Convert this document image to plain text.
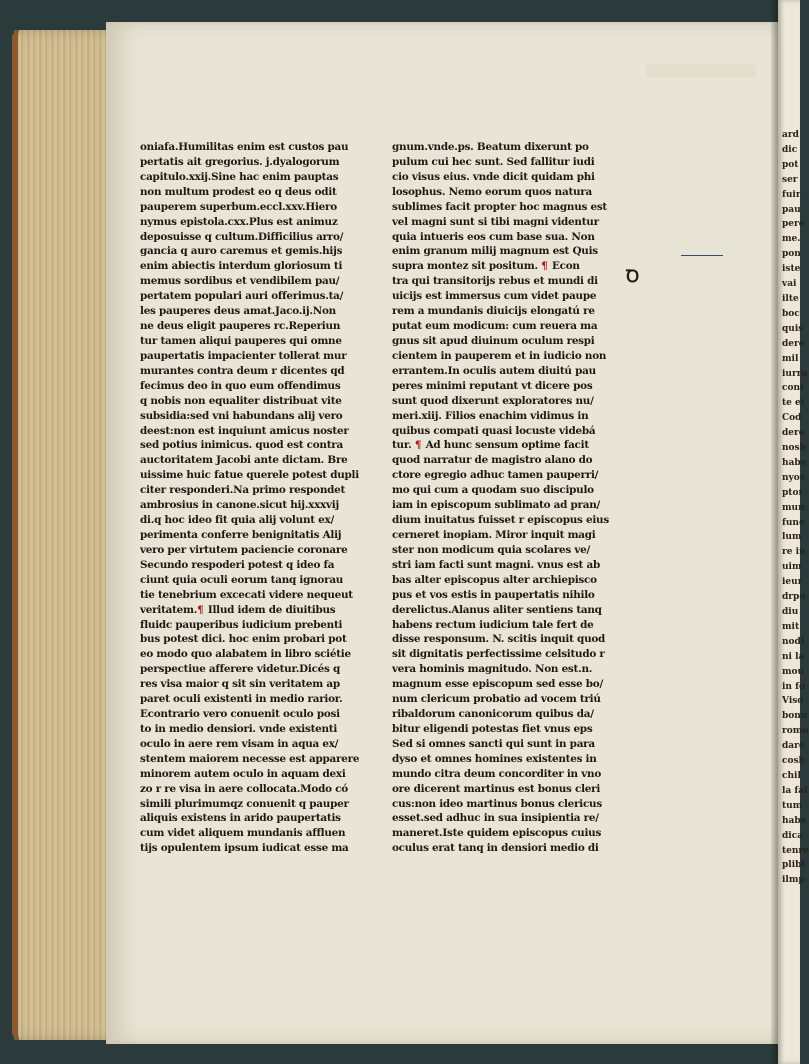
oniafa.Humilitas enim est custos pau
pertatis ait gregorius. j.dyalogorum
capitulo.xxij.Sine hac enim pauptas
non multum prodest eo q deus odit
pauperem superbum.eccl.xxv.Hiero
nymus epistola.cxx.Plus est animuz
deposuisse q cultum.Difficilius arro/
gancia q auro caremus et gemis.hijs
enim abiectis interdum gloriosum ti
memus sordibus et vendibilem pau/
pertatem populari auri offerimus.ta/
les pauperes deus amat.Jaco.ij.Non
ne deus eligit pauperes rc.Reperiun
tur tamen aliqui pauperes qui omne
paupertatis impacienter tollerat mur
murantes contra deum r dicentes qd
fecimus deo in quo eum offendimus
q nobis non equaliter distribuat vite
subsidia:sed vni habundans alij vero
deest:non est inquiunt amicus noster
sed potius inimicus. quod est contra
auctoritatem Jacobi ante dictam. Bre
uissime huic fatue querele potest dupli
citer responderi.Na primo respondet
ambrosius in canone.sicut hij.xxxvij
di.q hoc ideo fit quia alij volunt ex/
perimenta conferre benignitatis Alij
vero per virtutem paciencie coronare
Secundo respoderi potest q ideo fa
ciunt quia oculi eorum tanq ignorau
tie tenebrium excecati videre nequeut
veritatem.¶ Illud idem de diuitibus
fluidc pauperibus iudicium prebenti
bus potest dici. hoc enim probari pot
eo modo quo alabatem in libro sciétie
perspectiue afferere videtur.Dicés q
res visa maior q sit sin veritatem ap
paret oculi existenti in medio rarior.
Econtrario vero conuenit oculo posi
to in medio densiori. vnde existenti
oculo in aere rem visam in aqua ex/
stentem maiorem necesse est apparere
minorem autem oculo in aquam dexi
zo r re visa in aere collocata.Modo có
simili plurimumqz conuenit q pauper
aliquis existens in arido paupertatis
cum videt aliquem mundanis affluen
tijs opulentem ipsum iudicat esse ma
gnum.vnde.ps. Beatum dixerunt po
pulum cui hec sunt. Sed fallitur iudi
cio visus eius. vnde dicit quidam phi
losophus. Nemo eorum quos natura
sublimes facit propter hoc magnus est
vel magni sunt si tibi magni videntur
quia intueris eos cum base sua. Non
enim granum milij magnum est Quis
supra montez sit positum. ¶ Econ
tra qui transitorijs rebus et mundi di
uicijs est immersus cum videt paupe
rem a mundanis diuicijs elongatú re
putat eum modicum: cum reuera ma
gnus sit apud diuinum oculum respi
cientem in pauperem et in iudicio non
errantem.In oculis autem diuitú pau
peres minimi reputant vt dicere pos
sunt quod dixerunt exploratores nu/
meri.xiij. Filios enachim vidimus in
quibus compati quasi locuste videbá
tur. ¶ Ad hunc sensum optime facit
quod narratur de magistro alano do
ctore egregio adhuc tamen pauperri/
mo qui cum a quodam suo discipulo
iam in episcopum sublimato ad pran/
dium inuitatus fuisset r episcopus eius
cerneret inopiam. Miror inquit magi
ster non modicum quia scolares ve/
stri iam facti sunt magni. vnus est ab
bas alter episcopus alter archiepisco
pus et vos estis in paupertatis nihilo
derelictus.Alanus aliter sentiens tanq
habens rectum iudicium tale fert de
disse responsum. N. scitis inquit quod
sit dignitatis perfectissime celsitudo r
vera hominis magnitudo. Non est.n.
magnum esse episcopum sed esse bo/
num clericum probatio ad vocem triú
ribaldorum canonicorum quibus da/
bitur eligendi potestas fiet vnus eps
Sed si omnes sancti qui sunt in para
dyso et omnes homines existentes in
mundo citra deum concorditer in vno
ore dicerent martinus est bonus cleri
cus:non ideo martinus bonus clericus
esset.sed adhuc in sua insipientia re/
maneret.Iste quidem episcopus cuius
oculus erat tanq in densiori medio di
Ꝺ
ard
dic
pot
ser
fuir
pau
pere
me.
pon
iste
vai
ilte
boc
quis
dere
mil
iurra
cont
te ei
Cod
dere
nosh
habe
nyos
ptor
mun
fune
lum
re in
uim
ieur
drpo
diu
mit
nodi
ni la
mou
in fo
Viso
bonu
romo
dare
cosh
chil
la fal
tum
habe
dica
tenre
plibl
ilmp
